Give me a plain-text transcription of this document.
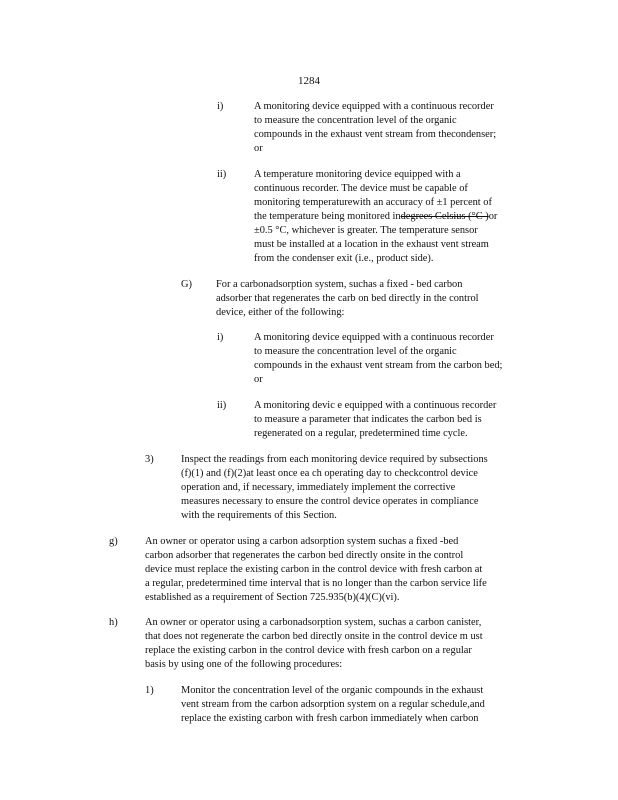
1284
i)	A monitoring device equipped with a continuous recorder
to measure the concentration level of the organic
compounds in the exhaust vent stream from thecondenser;
or
ii)	A temperature monitoring device equipped with a
continuous recorder. The device must be capable of
monitoring temperaturewith an accuracy of ±1 percent of
the temperature being monitored indegrees Celsius (°C )or
±0.5 °C, whichever is greater. The temperature sensor
must be installed at a location in the exhaust vent stream
from the condenser exit (i.e., product side).
G) For a carbonadsorption system, suchas a fixed - bed carbon
adsorber that regenerates the carb on bed directly in the control
device, either of the following:
i)	A monitoring device equipped with a continuous recorder
to measure the concentration level of the organic
compounds in the exhaust vent stream from the carbon bed;
or
ii)	A monitoring devic e equipped with a continuous recorder
to measure a parameter that indicates the carbon bed is
regenerated on a regular, predetermined time cycle.
3)	Inspect the readings from each monitoring device required by subsections
(f)(1) and (f)(2)at least once ea ch operating day to checkcontrol device
operation and, if necessary, immediately implement the corrective
measures necessary to ensure the control device operates in compliance
with the requirements of this Section.
g)	An owner or operator using a carbon adsorption system suchas a fixed -bed
carbon adsorber that regenerates the carbon bed directly onsite in the control
device must replace the existing carbon in the control device with fresh carbon at
a regular, predetermined time interval that is no longer than the carbon service life
established as a requirement of Section 725.935(b)(4)(C)(vi).
h)	An owner or operator using a carbonadsorption system, suchas a carbon canister,
that does not regenerate the carbon bed directly onsite in the control device m ust
replace the existing carbon in the control device with fresh carbon on a regular
basis by using one of the following procedures:
1)	Monitor the concentration level of the organic compounds in the exhaust
vent stream from the carbon adsorption system on a regular schedule,and
replace the existing carbon with fresh carbon immediately when carbon
